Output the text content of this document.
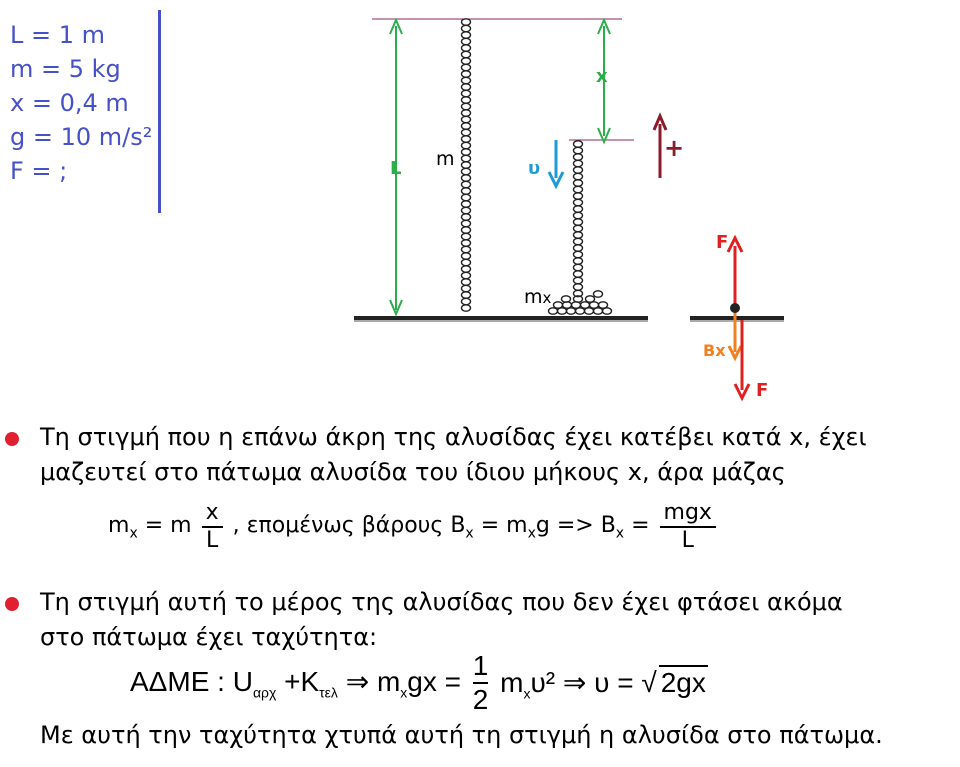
L = 1 m
m = 5 kg
x = 0,4 m
g = 10 m/s²
F = ;	L m
x
υ
mx
+
F
Bx
F
Τη στιγμή που η επάνω άκρη της αλυσίδας έχει κατέβει κατά x, έχει
μαζευτεί στο πάτωμα αλυσίδα του ίδιου μήκους x, άρα μάζας
$m_x = m \frac{x}{L}$ , επομένως βάρους $B_x = m_xg => B_x = \frac{\text{mgx}}{L}$
Τη στιγμή αυτή το μέρος της αλυσίδας που δεν έχει φτάσει ακόμα
στο πάτωμα έχει ταχύτητα:
ΑΔΜΕ : $U_{\alpha\rho\chi} +K_{\tau\varepsilon\lambda}$ ⇒ $m_xgx = \frac{1}{2} m_x\upsilon^2$ ⇒ υ = √ 2gx
Με αυτή την ταχύτητα χτυπά αυτή τη στιγμή η αλυσίδα στο πάτωμα.
